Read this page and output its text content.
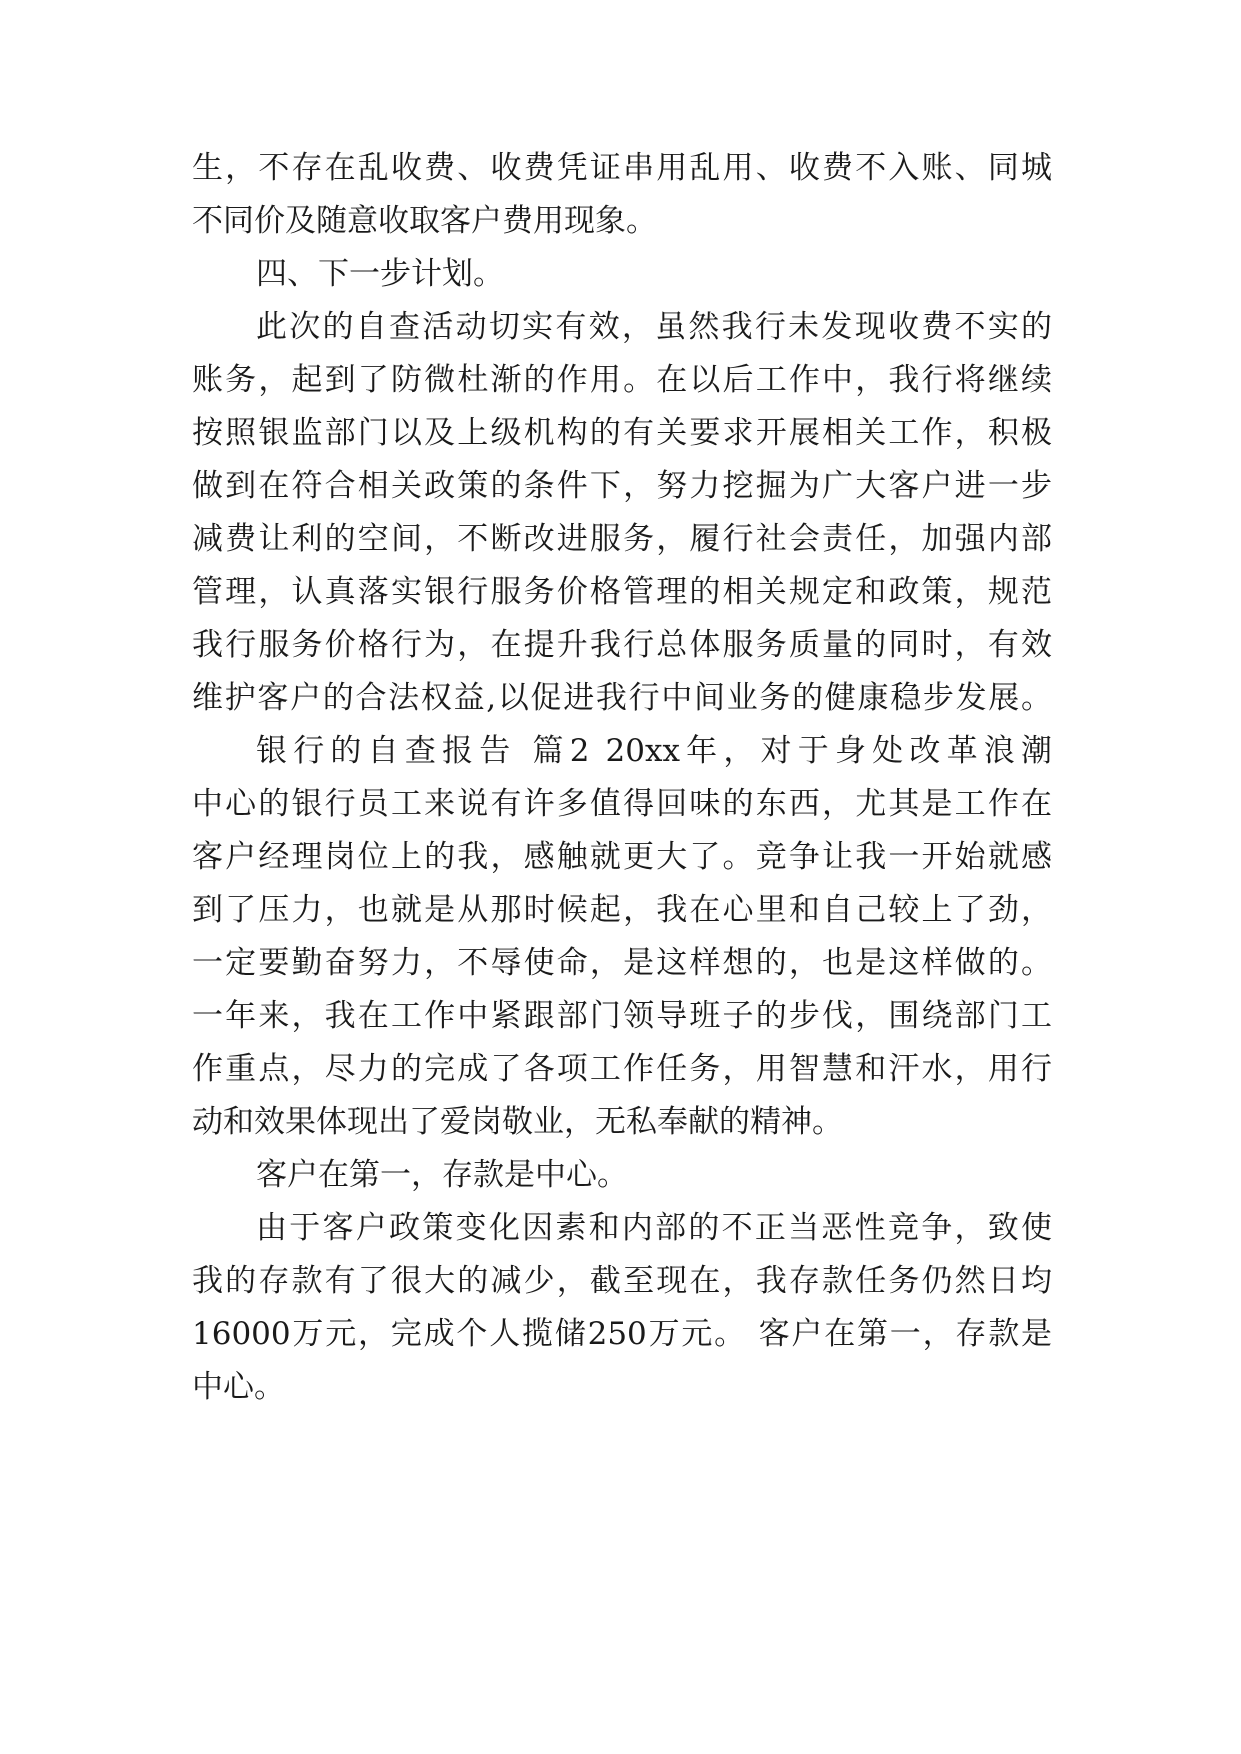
生，不存在乱收费、收费凭证串用乱用、收费不入账、同城
不同价及随意收取客户费用现象。
四、下一步计划。
此次的自查活动切实有效，虽然我行未发现收费不实的
账务，起到了防微杜渐的作用。在以后工作中，我行将继续
按照银监部门以及上级机构的有关要求开展相关工作，积极
做到在符合相关政策的条件下，努力挖掘为广大客户进一步
减费让利的空间，不断改进服务，履行社会责任，加强内部
管理，认真落实银行服务价格管理的相关规定和政策，规范
我行服务价格行为，在提升我行总体服务质量的同时，有效
维护客户的合法权益,以促进我行中间业务的健康稳步发展。
银行的自查报告 篇2 20xx年，对于身处改革浪潮
中心的银行员工来说有许多值得回味的东西，尤其是工作在
客户经理岗位上的我，感触就更大了。竞争让我一开始就感
到了压力，也就是从那时候起，我在心里和自己较上了劲，
一定要勤奋努力，不辱使命，是这样想的，也是这样做的。
一年来，我在工作中紧跟部门领导班子的步伐，围绕部门工
作重点，尽力的完成了各项工作任务，用智慧和汗水，用行
动和效果体现出了爱岗敬业，无私奉献的精神。
客户在第一，存款是中心。
由于客户政策变化因素和内部的不正当恶性竞争，致使
我的存款有了很大的减少，截至现在，我存款任务仍然日均
16000万元，完成个人揽储250万元。 客户在第一，存款是
中心。
